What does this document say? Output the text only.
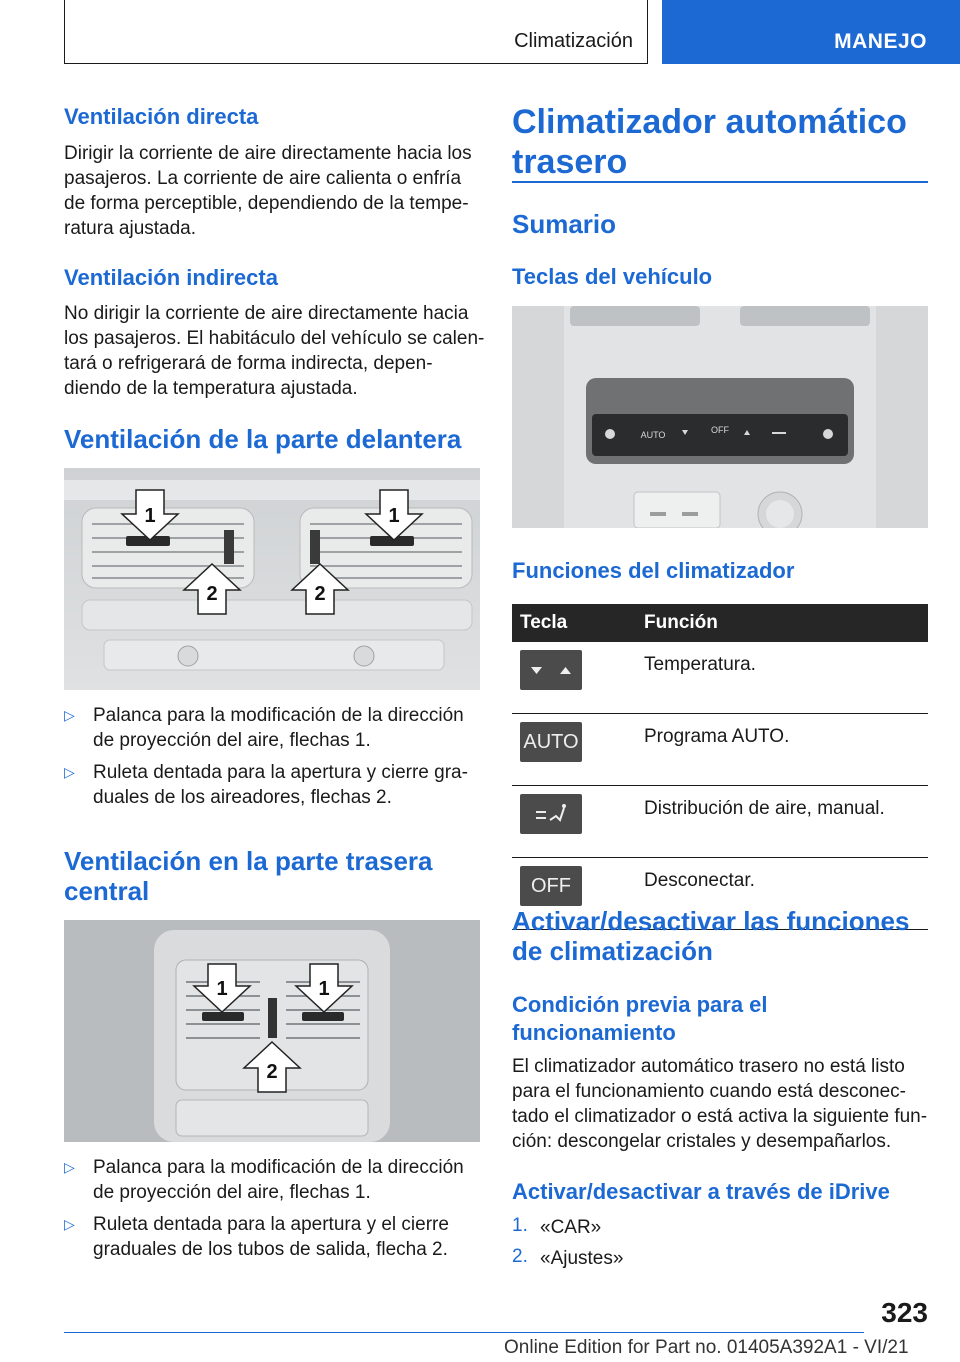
Climatización	MANEJO
Ventilación directa
Dirigir la corriente de aire directamente hacia los
pasajeros. La corriente de aire calienta o enfría
de forma perceptible, dependiendo de la tempe-
ratura ajustada.
Ventilación indirecta
No dirigir la corriente de aire directamente hacia
los pasajeros. El habitáculo del vehículo se calen-
tará o refrigerará de forma indirecta, depen-
diendo de la temperatura ajustada.
Ventilación de la parte delantera
1	1
2	2
▷ Palanca para la modificación de la dirección
de proyección del aire, flechas 1.
▷ Ruleta dentada para la apertura y cierre gra-
duales de los aireadores, flechas 2.
Ventilación en la parte trasera
central
1	1
2
▷ Palanca para la modificación de la dirección
de proyección del aire, flechas 1.
▷ Ruleta dentada para la apertura y el cierre
graduales de los tubos de salida, flecha 2.
Climatizador automático
trasero
Sumario
Teclas del vehículo
AUTO	OFF
Funciones del climatizador
Tecla	Función

	Temperatura.

AUTO	Programa AUTO.

	Distribución de aire, manual.

OFF	Desconectar.
Activar/desactivar las funciones
de climatización
Condición previa para el
funcionamiento
El climatizador automático trasero no está listo
para el funcionamiento cuando está desconec-
tado el climatizador o está activa la siguiente fun-
ción: descongelar cristales y desempañarlos.
Activar/desactivar a través de iDrive
1. «CAR»
2. «Ajustes»
323
Online Edition for Part no. 01405A392A1 - VI/21
